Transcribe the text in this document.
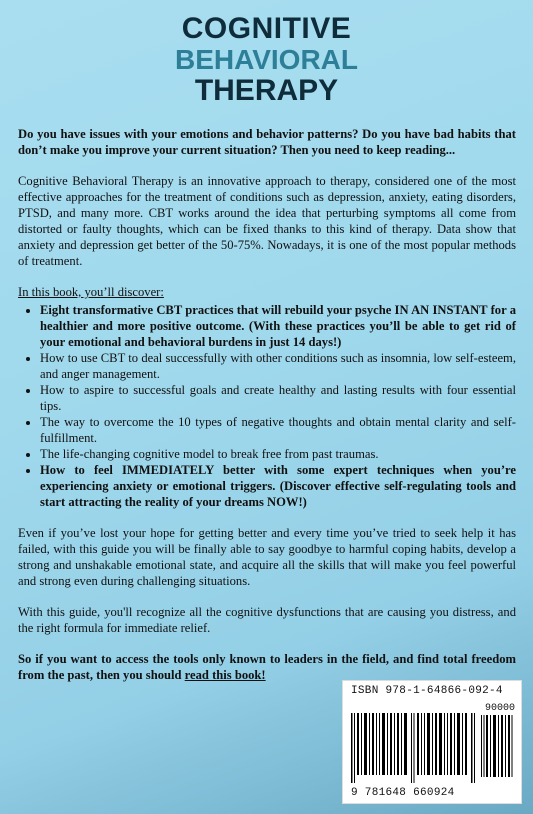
COGNITIVE
BEHAVIORAL
THERAPY

Do you have issues with your emotions and behavior patterns? Do you have bad habits that don’t make you improve your current situation? Then you need to keep reading...

Cognitive Behavioral Therapy is an innovative approach to therapy, considered one of the most effective approaches for the treatment of conditions such as depression, anxiety, eating disorders, PTSD, and many more. CBT works around the idea that perturbing symptoms all come from distorted or faulty thoughts, which can be fixed thanks to this kind of therapy. Data show that anxiety and depression get better of the 50-75%. Nowadays, it is one of the most popular methods of treatment.

In this book, you’ll discover:

• Eight transformative CBT practices that will rebuild your psyche IN AN INSTANT for a healthier and more positive outcome. (With these practices you’ll be able to get rid of your emotional and behavioral burdens in just 14 days!)
• How to use CBT to deal successfully with other conditions such as insomnia, low self-esteem, and anger management.
• How to aspire to successful goals and create healthy and lasting results with four essential tips.
• The way to overcome the 10 types of negative thoughts and obtain mental clarity and self-fulfillment.
• The life-changing cognitive model to break free from past traumas.
• How to feel IMMEDIATELY better with some expert techniques when you’re experiencing anxiety or emotional triggers. (Discover effective self-regulating tools and start attracting the reality of your dreams NOW!)

Even if you’ve lost your hope for getting better and every time you’ve tried to seek help it has failed, with this guide you will be finally able to say goodbye to harmful coping habits, develop a strong and unshakable emotional state, and acquire all the skills that will make you feel powerful and strong even during challenging situations.

With this guide, you'll recognize all the cognitive dysfunctions that are causing you distress, and the right formula for immediate relief.

So if you want to access the tools only known to leaders in the field, and find total freedom from the past, then you should read this book!

ISBN 978-1-64866-092-4
90000
9 781648 660924
